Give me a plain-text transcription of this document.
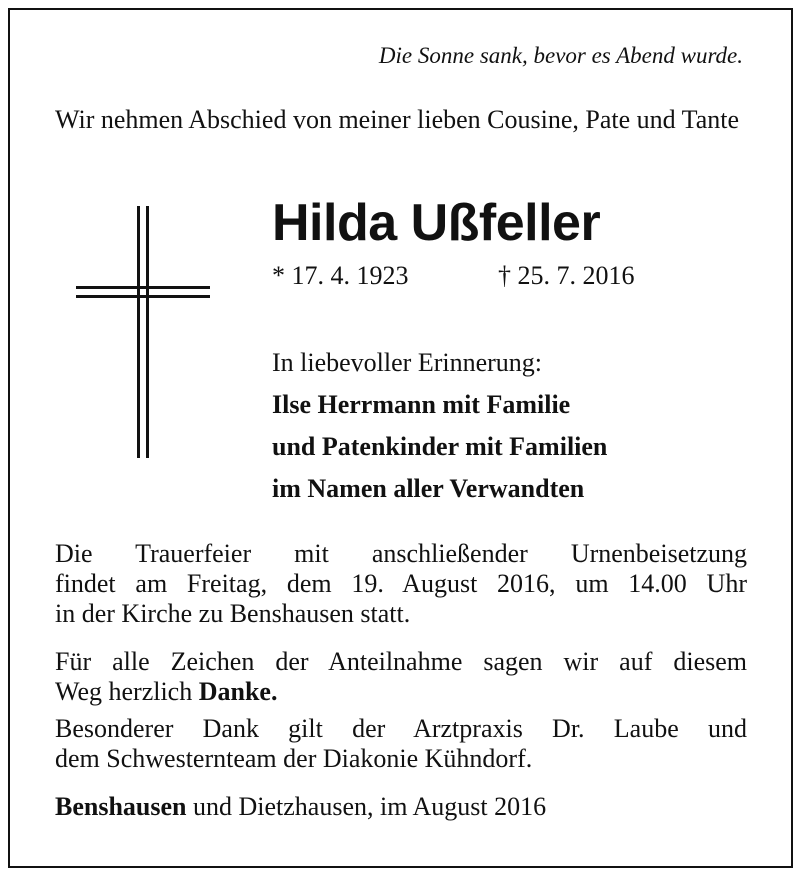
Die Sonne sank, bevor es Abend wurde.
Wir nehmen Abschied von meiner lieben Cousine, Pate und Tante
Hilda Ußfeller
* 17. 4. 1923	† 25. 7. 2016
In liebevoller Erinnerung:
Ilse Herrmann mit Familie
und Patenkinder mit Familien
im Namen aller Verwandten
Die Trauerfeier mit anschließender Urnenbeisetzung
findet am Freitag, dem 19. August 2016, um 14.00 Uhr
in der Kirche zu Benshausen statt.
Für alle Zeichen der Anteilnahme sagen wir auf diesem
Weg herzlich Danke.
Besonderer Dank gilt der Arztpraxis Dr. Laube und
dem Schwesternteam der Diakonie Kühndorf.
Benshausen und Dietzhausen, im August 2016
